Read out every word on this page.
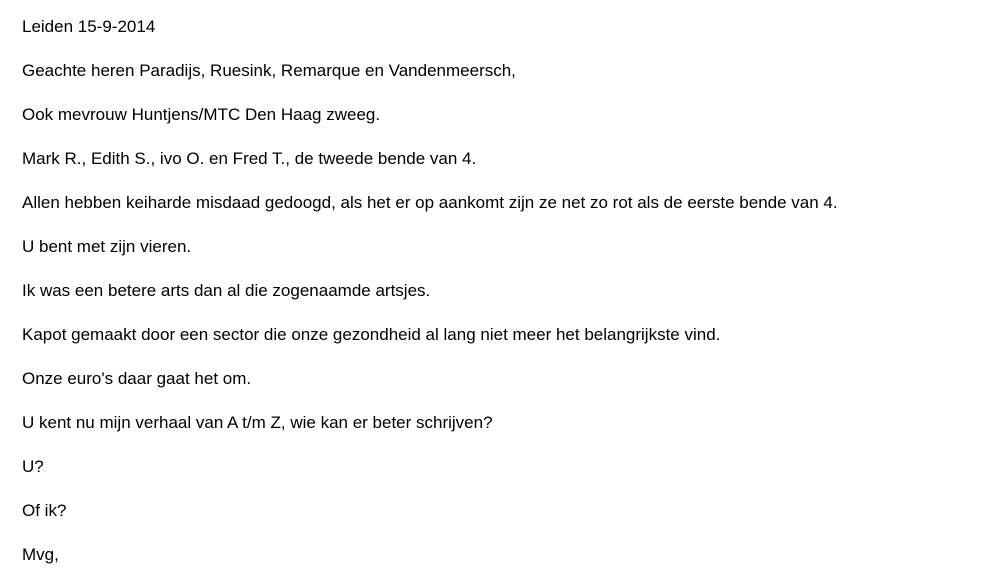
Leiden 15-9-2014
Geachte heren Paradijs, Ruesink, Remarque en Vandenmeersch,
Ook mevrouw Huntjens/MTC Den Haag zweeg.
Mark R., Edith S., ivo O. en Fred T., de tweede bende van 4.
Allen hebben keiharde misdaad gedoogd, als het er op aankomt zijn ze net zo rot als de eerste bende van 4.
U bent met zijn vieren.
Ik was een betere arts dan al die zogenaamde artsjes.
Kapot gemaakt door een sector die onze gezondheid al lang niet meer het belangrijkste vind.
Onze euro's daar gaat het om.
U kent nu mijn verhaal van A t/m Z, wie kan er beter schrijven?
U?
Of ik?
Mvg,
